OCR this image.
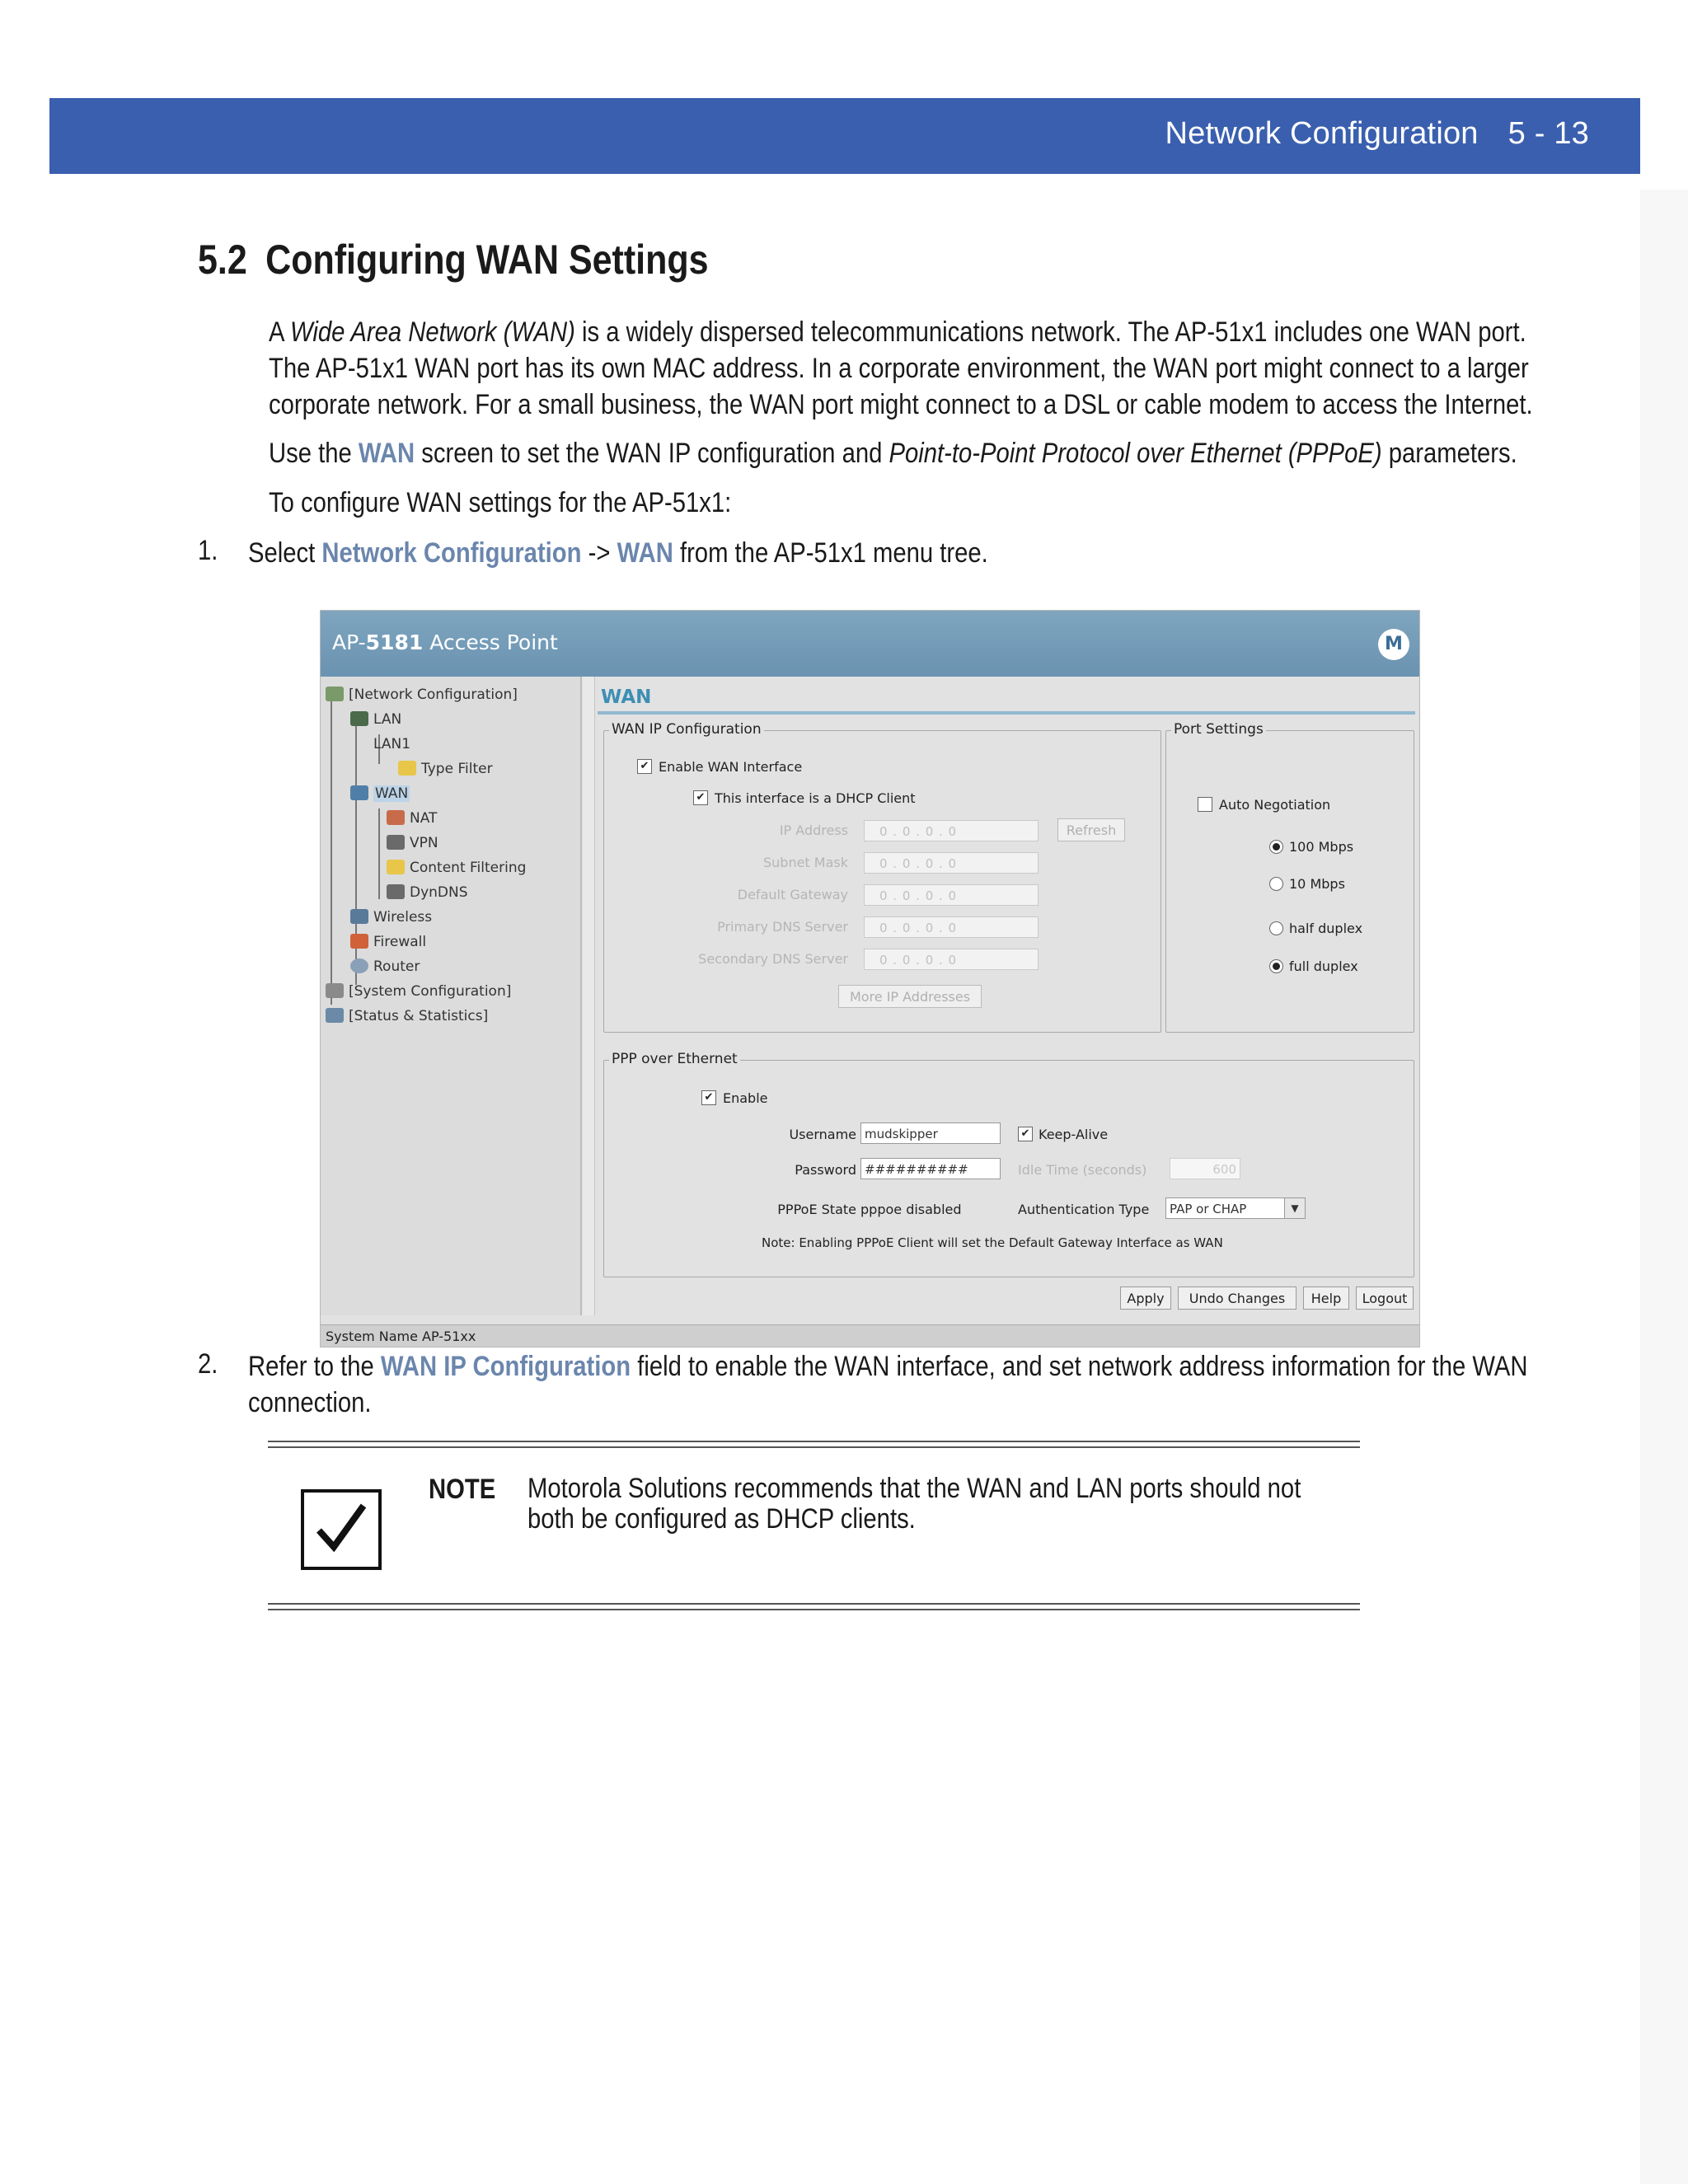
Network Configuration 5 - 13
5.2 Configuring WAN Settings
A Wide Area Network (WAN) is a widely dispersed telecommunications network. The AP-51x1 includes one WAN port.
The AP-51x1 WAN port has its own MAC address. In a corporate environment, the WAN port might connect to a larger
corporate network. For a small business, the WAN port might connect to a DSL or cable modem to access the Internet.
Use the WAN screen to set the WAN IP configuration and Point-to-Point Protocol over Ethernet (PPPoE) parameters.
To configure WAN settings for the AP-51x1:
1. Select Network Configuration -> WAN from the AP-51x1 menu tree.
AP-5181 Access Point
M
[Network Configuration]
LAN
LAN1
Type Filter
WAN
NAT
VPN
Content Filtering
DynDNS
Wireless
Firewall
Router
[System Configuration]
[Status & Statistics]
WAN
WAN IP Configuration
✔ Enable WAN Interface
✔ This interface is a DHCP Client
IP Address	0 . 0 . 0 . 0	Refresh
Subnet Mask	0 . 0 . 0 . 0
Default Gateway	0 . 0 . 0 . 0
Primary DNS Server	0 . 0 . 0 . 0
Secondary DNS Server	0 . 0 . 0 . 0
More IP Addresses
Port Settings
Auto Negotiation
100 Mbps
10 Mbps
half duplex
full duplex
PPP over Ethernet
✔ Enable
Username mudskipper	✔ Keep-Alive
Password ##########	Idle Time (seconds)	600
PPPoE State pppoe disabled	Authentication Type	PAP or CHAP	▼
Note: Enabling PPPoE Client will set the Default Gateway Interface as WAN
Apply	Undo Changes	Help	Logout
System Name AP-51xx
2. Refer to the WAN IP Configuration field to enable the WAN interface, and set network address information for the WAN
connection.
NOTE Motorola Solutions recommends that the WAN and LAN ports should not
both be configured as DHCP clients.
